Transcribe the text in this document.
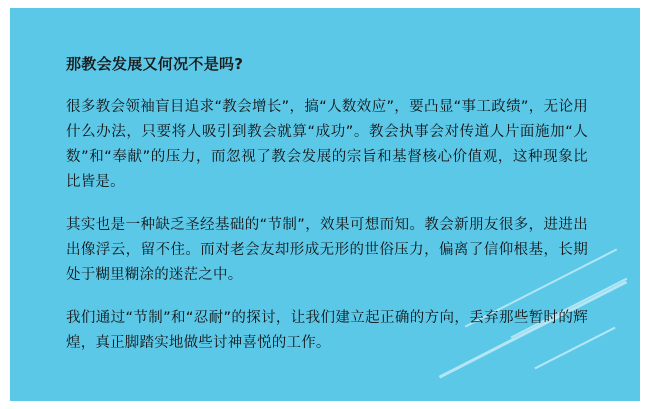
那教会发展又何况不是吗?

很多教会领袖盲目追求“教会增长”，搞“人数效应”，要凸显“事工政绩”，无论用什么办法，只要将人吸引到教会就算“成功”。教会执事会对传道人片面施加“人数”和“奉献”的压力，而忽视了教会发展的宗旨和基督核心价值观，这种现象比比皆是。

其实也是一种缺乏圣经基础的“节制”，效果可想而知。教会新朋友很多，进进出出像浮云，留不住。而对老会友却形成无形的世俗压力，偏离了信仰根基，长期处于糊里糊涂的迷茫之中。

我们通过“节制”和“忍耐”的探讨，让我们建立起正确的方向，丢弃那些暂时的辉煌，真正脚踏实地做些讨神喜悦的工作。
